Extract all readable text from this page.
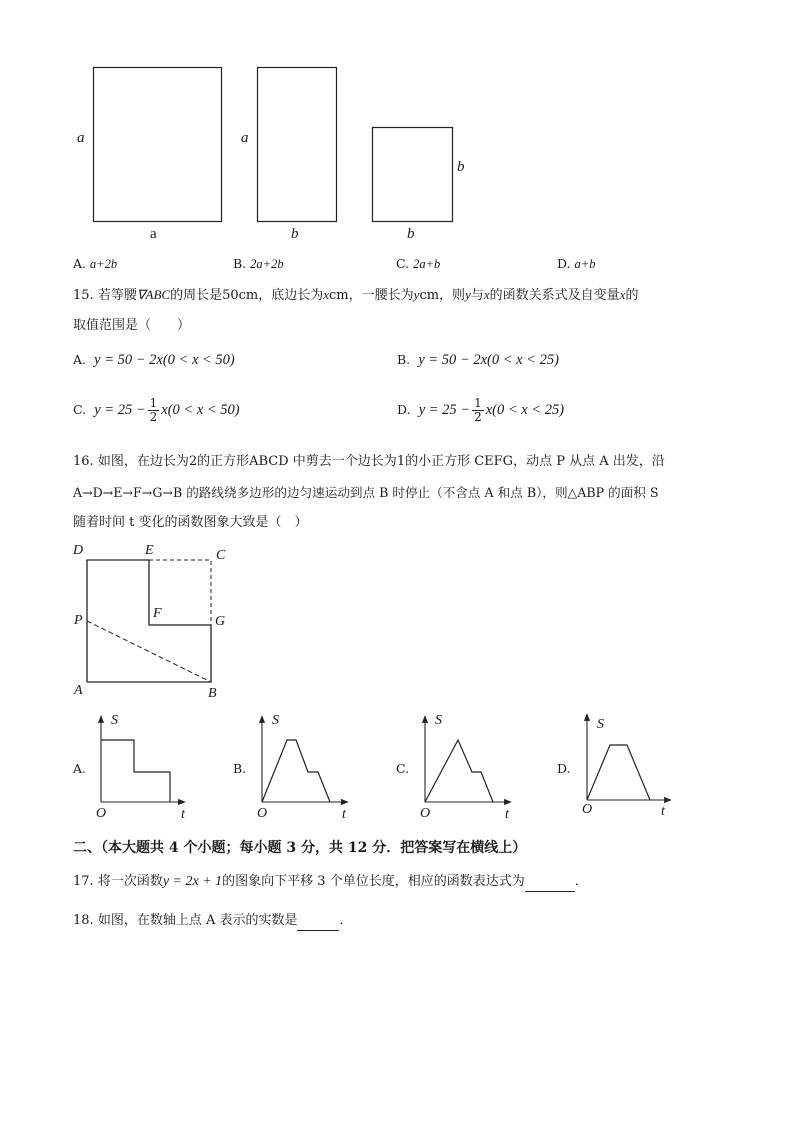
a
a
a
b
b
b
A. a+2b	B. 2a+2b	C. 2a+b	D. a+b
15. 若等腰∇ABC的周长是50cm，底边长为xcm，一腰长为ycm，则y与x的函数关系式及自变量x的
取值范围是（　　）
A. y = 50 − 2x(0 < x < 50)	B. y = 50 − 2x(0 < x < 25)
C. $y = 25 - \frac{1}{2} x(0 < x < 50)$	D. $y = 25 - \frac{1}{2} x(0 < x < 25)$
16. 如图，在边长为2的正方形ABCD 中剪去一个边长为1的小正方形 CEFG，动点 P 从点 A 出发，沿
A→D→E→F→G→B 的路线绕多边形的边匀速运动到点 B 时停止（不含点 A 和点 B），则△ABP 的面积 S
随着时间 t 变化的函数图象大致是（　）
D	E	C
F
P	G
A	B
A.
S
O	t
B.
S
O	t
C.
S
O	t
D.
S
O	t
二、（本大题共 4 个小题；每小题 3 分，共 12 分．把答案写在横线上）
17. 将一次函数y = 2x + 1的图象向下平移 3 个单位长度，相应的函数表达式为	．
18. 如图，在数轴上点 A 表示的实数是	．
